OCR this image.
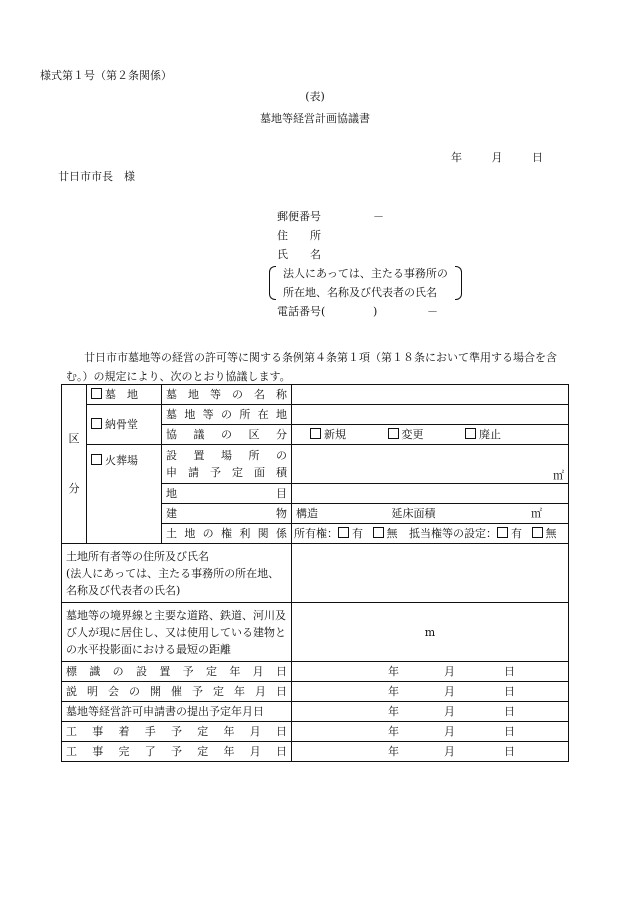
様式第１号（第２条関係）
(表)
墓地等経営計画協議書
年	月	日
廿日市市長　様
郵便番号	－
住　　所
氏　　名
法人にあっては、主たる事務所の
所在地、名称及び代表者の氏名
電話番号(	)	－
廿日市市墓地等の経営の許可等に関する条例第４条第１項（第１８条において準用する場合を含む。）の規定により、次のとおり協議します。
区
分	墓　地	墓地等の名称	
	納骨堂	墓地等の所在地	
		協議の区分	新規 変更 廃止
	火葬場	設置場所の
申請予定面積	㎡
		地目	
		建物	構造 延床面積 ㎡

		土地の権利関係	所有権： 有 無 抵当権等の設定： 有 無

土地所有者等の住所及び氏名
(法人にあっては、主たる事務所の所在地、
名称及び代表者の氏名)			

墓地等の境界線と主要な道路、鉄道、河川及
び人が現に居住し、又は使用している建物と
の水平投影面における最短の距離			m
標識の設置予定年月日			年 月 日

説明会の開催予定年月日			年 月 日

墓地等経営許可申請書の提出予定年月日			年 月 日

工事着手予定年月日			年 月 日

工事完了予定年月日			年 月 日
